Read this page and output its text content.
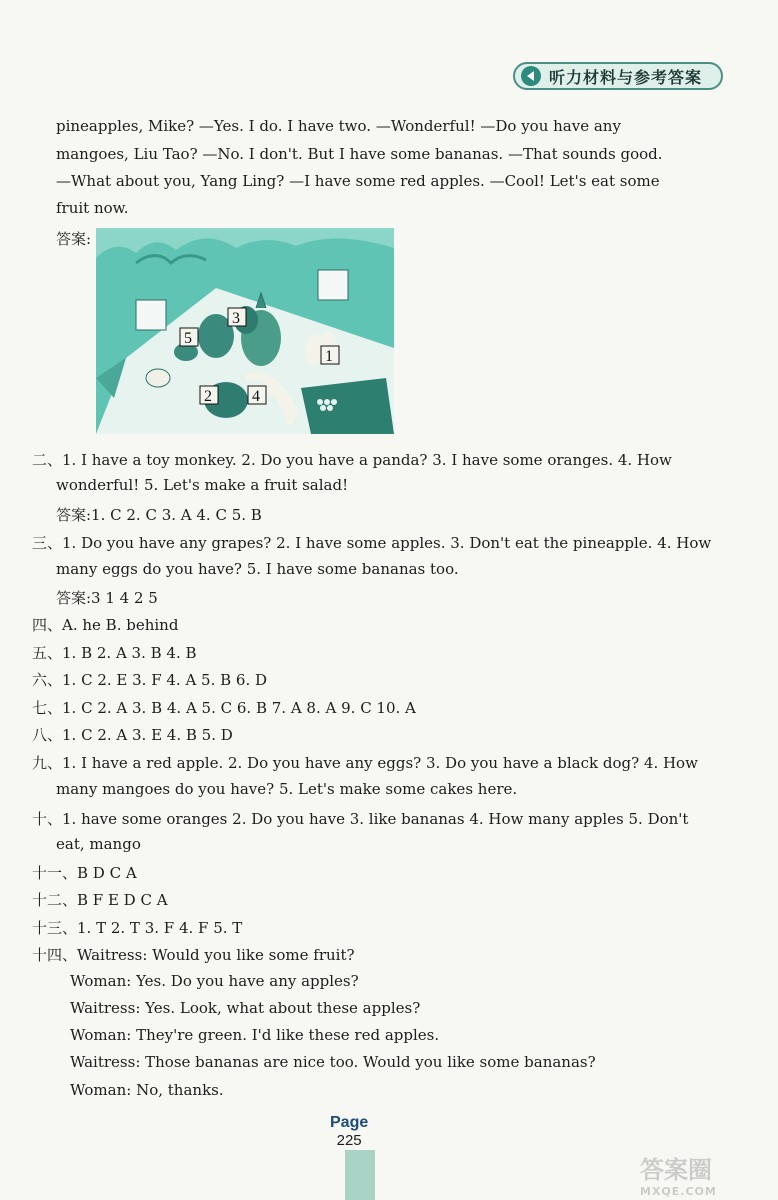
听力材料与参考答案
pineapples, Mike? —Yes. I do. I have two. —Wonderful! —Do you have any
mangoes, Liu Tao? —No. I don't. But I have some bananas. —That sounds good.
—What about you, Yang Ling? —I have some red apples. —Cool! Let's eat some
fruit now.
答案:
3
5
1
2	4
二、1. I have a toy monkey. 2. Do you have a panda? 3. I have some oranges. 4. How
wonderful! 5. Let's make a fruit salad!
答案:1. C 2. C 3. A 4. C 5. B
三、1. Do you have any grapes? 2. I have some apples. 3. Don't eat the pineapple. 4. How
many eggs do you have? 5. I have some bananas too.
答案:3 1 4 2 5
四、A. he B. behind
五、1. B 2. A 3. B 4. B
六、1. C 2. E 3. F 4. A 5. B 6. D
七、1. C 2. A 3. B 4. A 5. C 6. B 7. A 8. A 9. C 10. A
八、1. C 2. A 3. E 4. B 5. D
九、1. I have a red apple. 2. Do you have any eggs? 3. Do you have a black dog? 4. How
many mangoes do you have? 5. Let's make some cakes here.
十、1. have some oranges 2. Do you have 3. like bananas 4. How many apples 5. Don't
eat, mango
十一、B D C A
十二、B F E D C A
十三、1. T 2. T 3. F 4. F 5. T
十四、Waitress: Would you like some fruit?
Woman: Yes. Do you have any apples?
Waitress: Yes. Look, what about these apples?
Woman: They're green. I'd like these red apples.
Waitress: Those bananas are nice too. Would you like some bananas?
Woman: No, thanks.
Page
225
答案圈
MXQE.COM
